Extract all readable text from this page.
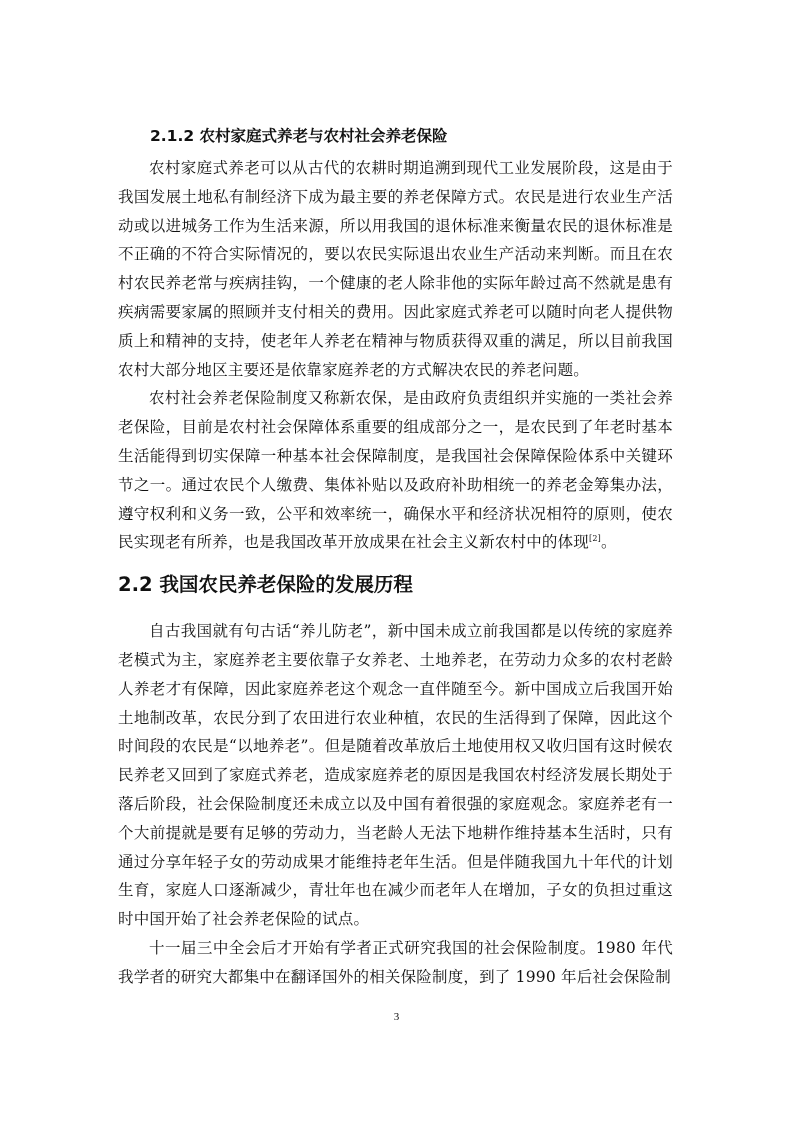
2.1.2 农村家庭式养老与农村社会养老保险

农村家庭式养老可以从古代的农耕时期追溯到现代工业发展阶段，这是由于我国发展土地私有制经济下成为最主要的养老保障方式。农民是进行农业生产活动或以进城务工作为生活来源，所以用我国的退休标准来衡量农民的退休标准是不正确的不符合实际情况的，要以农民实际退出农业生产活动来判断。而且在农村农民养老常与疾病挂钩，一个健康的老人除非他的实际年龄过高不然就是患有疾病需要家属的照顾并支付相关的费用。因此家庭式养老可以随时向老人提供物质上和精神的支持，使老年人养老在精神与物质获得双重的满足，所以目前我国农村大部分地区主要还是依靠家庭养老的方式解决农民的养老问题。

农村社会养老保险制度又称新农保，是由政府负责组织并实施的一类社会养老保险，目前是农村社会保障体系重要的组成部分之一，是农民到了年老时基本生活能得到切实保障一种基本社会保障制度，是我国社会保障保险体系中关键环节之一。通过农民个人缴费、集体补贴以及政府补助相统一的养老金筹集办法，遵守权利和义务一致，公平和效率统一，确保水平和经济状况相符的原则，使农民实现老有所养，也是我国改革开放成果在社会主义新农村中的体现[2]。

2.2 我国农民养老保险的发展历程

自古我国就有句古话“养儿防老”，新中国未成立前我国都是以传统的家庭养老模式为主，家庭养老主要依靠子女养老、土地养老，在劳动力众多的农村老龄人养老才有保障，因此家庭养老这个观念一直伴随至今。新中国成立后我国开始土地制改革，农民分到了农田进行农业种植，农民的生活得到了保障，因此这个时间段的农民是“以地养老”。但是随着改革放后土地使用权又收归国有这时候农民养老又回到了家庭式养老，造成家庭养老的原因是我国农村经济发展长期处于落后阶段，社会保险制度还未成立以及中国有着很强的家庭观念。家庭养老有一个大前提就是要有足够的劳动力，当老龄人无法下地耕作维持基本生活时，只有通过分享年轻子女的劳动成果才能维持老年生活。但是伴随我国九十年代的计划生育，家庭人口逐渐减少，青壮年也在减少而老年人在增加，子女的负担过重这时中国开始了社会养老保险的试点。

十一届三中全会后才开始有学者正式研究我国的社会保险制度。1980 年代我学者的研究大都集中在翻译国外的相关保险制度，到了 1990 年后社会保险制

3
